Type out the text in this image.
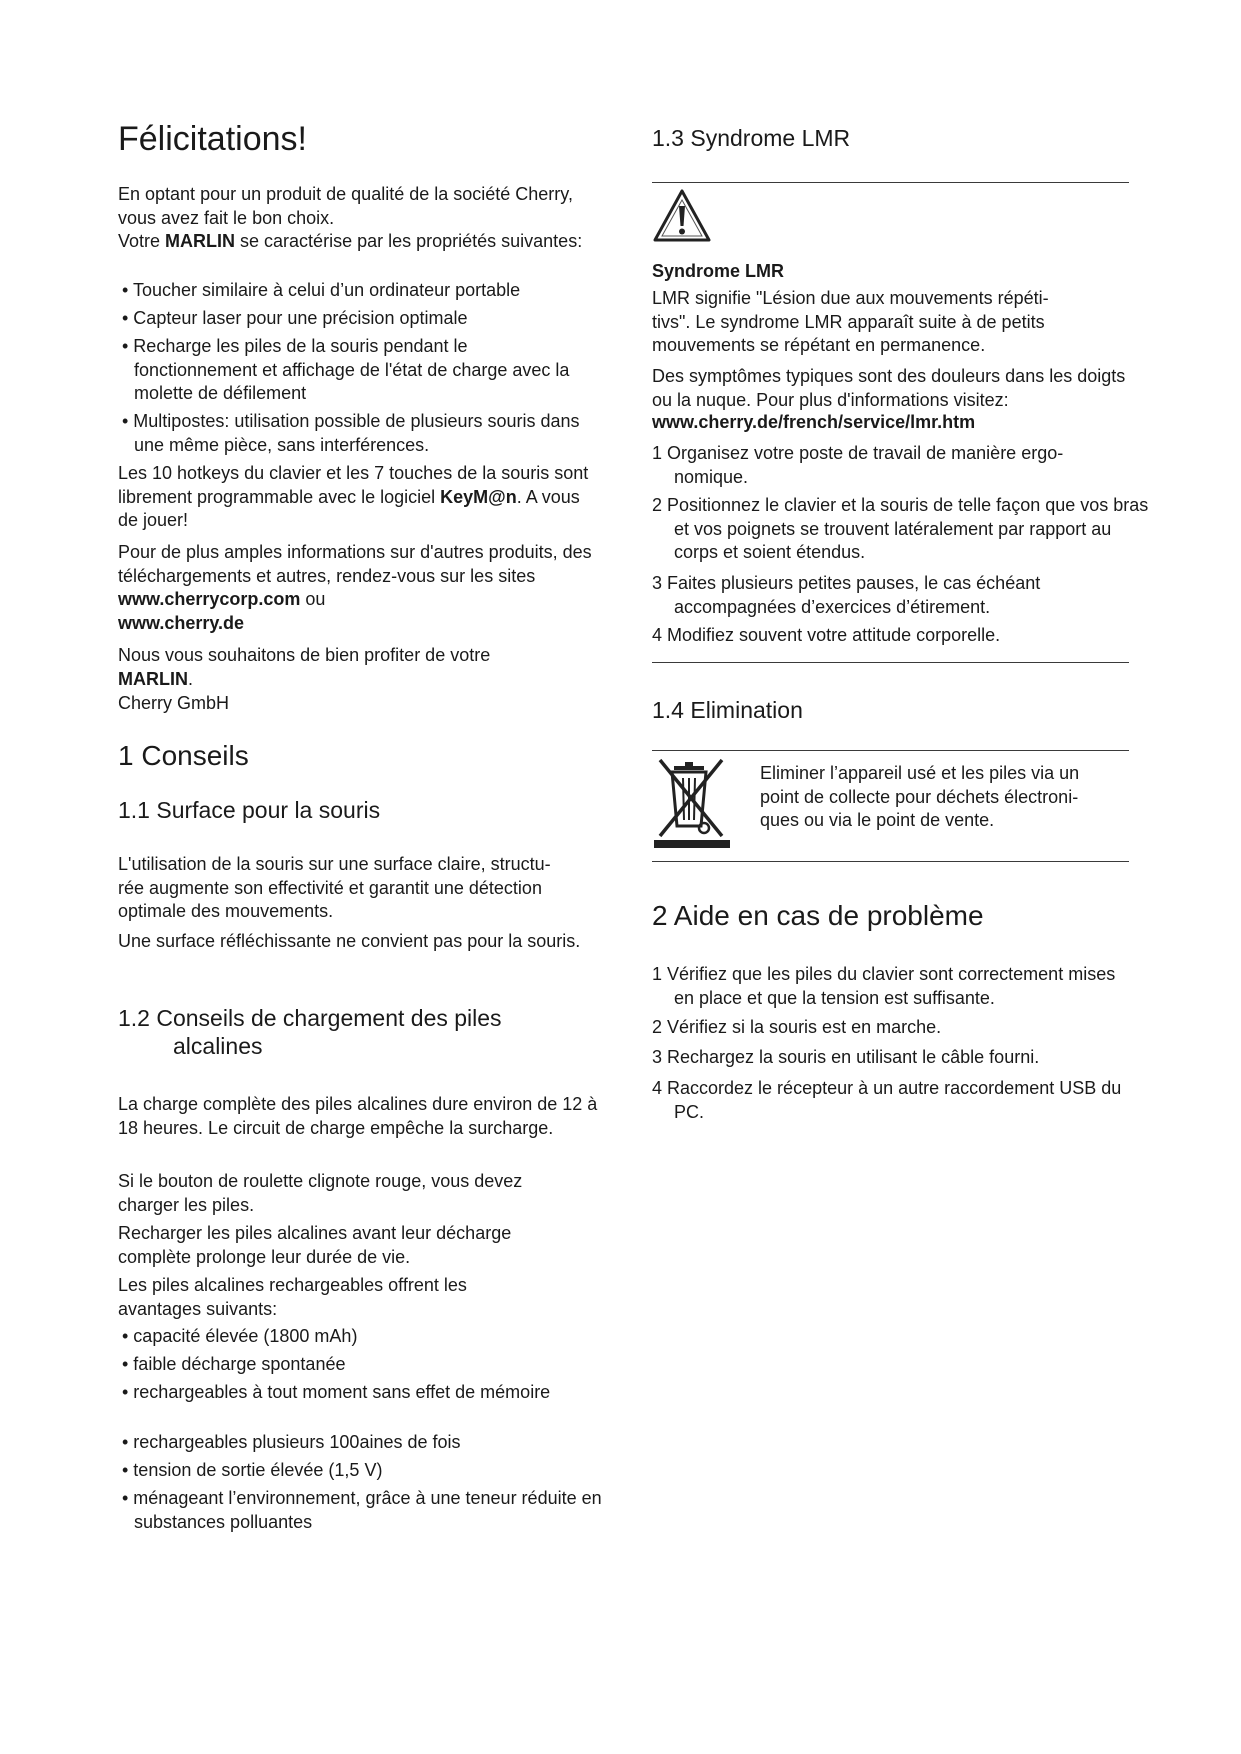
Félicitations!

En optant pour un produit de qualité de la société Cherry, vous avez fait le bon choix.

Votre MARLIN se caractérise par les propriétés suivantes:

• Toucher similaire à celui d’un ordinateur portable

• Capteur laser pour une précision optimale

• Recharge les piles de la souris pendant le fonctionnement et affichage de l'état de charge avec la molette de défilement

• Multipostes: utilisation possible de plusieurs souris dans une même pièce, sans interférences.

Les 10 hotkeys du clavier et les 7 touches de la souris sont librement programmable avec le logiciel KeyM@n. A vous de jouer!

Pour de plus amples informations sur d'autres produits, des téléchargements et autres, rendez-vous sur les sites www.cherrycorp.com ou
www.cherry.de

Nous vous souhaitons de bien profiter de votre
MARLIN.

Cherry GmbH

1 Conseils
1.1 Surface pour la souris

L'utilisation de la souris sur une surface claire, structu-
rée augmente son effectivité et garantit une détection optimale des mouvements.

Une surface réfléchissante ne convient pas pour la souris.

1.2 Conseils de chargement des piles
alcalines

La charge complète des piles alcalines dure environ de 12 à 18 heures. Le circuit de charge empêche la surcharge.

Si le bouton de roulette clignote rouge, vous devez charger les piles.

Recharger les piles alcalines avant leur décharge complète prolonge leur durée de vie.

Les piles alcalines rechargeables offrent les avantages suivants:

• capacité élevée (1800 mAh)

• faible décharge spontanée

• rechargeables à tout moment sans effet de mémoire

• rechargeables plusieurs 100aines de fois

• tension de sortie élevée (1,5 V)

• ménageant l’environnement, grâce à une teneur réduite en substances polluantes

1.3 Syndrome LMR

Syndrome LMR

LMR signifie "Lésion due aux mouvements répéti-
tivs". Le syndrome LMR apparaît suite à de petits mouvements se répétant en permanence.

Des symptômes typiques sont des douleurs dans les doigts ou la nuque. Pour plus d'informations visitez:

www.cherry.de/french/service/lmr.htm

1 Organisez votre poste de travail de manière ergo-
nomique.

2 Positionnez le clavier et la souris de telle façon que vos bras et vos poignets se trouvent latéralement par rapport au corps et soient étendus.

3 Faites plusieurs petites pauses, le cas échéant accompagnées d’exercices d’étirement.

4 Modifiez souvent votre attitude corporelle.

1.4 Elimination

Eliminer l’appareil usé et les piles via un point de collecte pour déchets électroni-
ques ou via le point de vente.

2 Aide en cas de problème

1 Vérifiez que les piles du clavier sont correctement mises en place et que la tension est suffisante.

2 Vérifiez si la souris est en marche.

3 Rechargez la souris en utilisant le câble fourni.

4 Raccordez le récepteur à un autre raccordement USB du PC.
